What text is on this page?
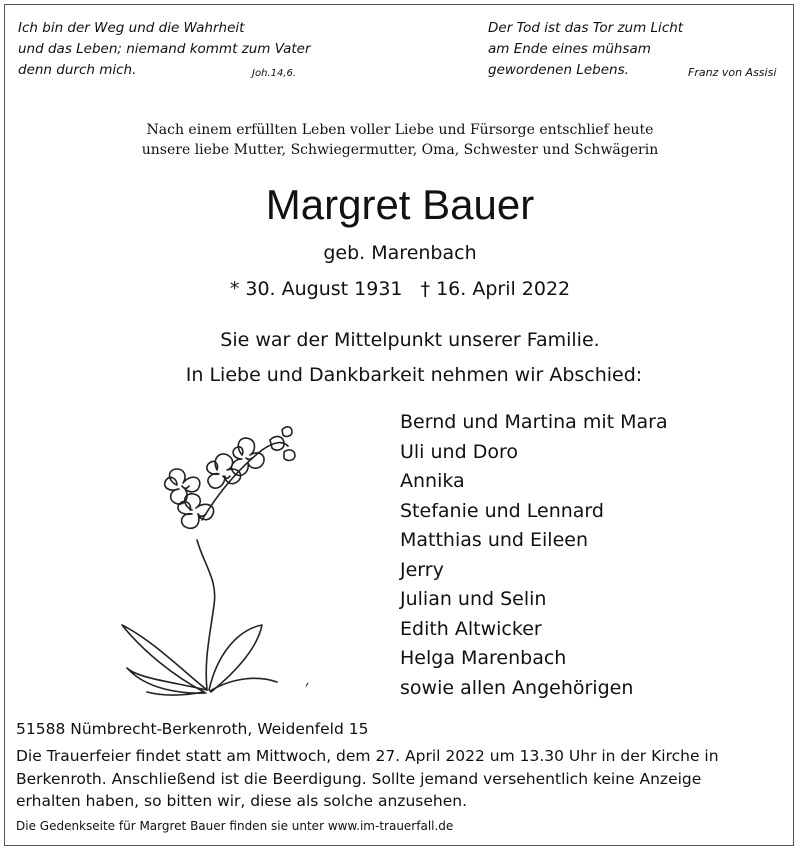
Ich bin der Weg und die Wahrheit
und das Leben; niemand kommt zum Vater
denn durch mich.	Joh.14,6.
Der Tod ist das Tor zum Licht
am Ende eines mühsam
gewordenen Lebens.	Franz von Assisi
Nach einem erfüllten Leben voller Liebe und Fürsorge entschlief heute
unsere liebe Mutter, Schwiegermutter, Oma, Schwester und Schwägerin
Margret Bauer
geb. Marenbach
* 30. August 1931 † 16. April 2022
Sie war der Mittelpunkt unserer Familie.
In Liebe und Dankbarkeit nehmen wir Abschied:
Bernd und Martina mit Mara
Uli und Doro
Annika
Stefanie und Lennard
Matthias und Eileen
Jerry
Julian und Selin
Edith Altwicker
Helga Marenbach
sowie allen Angehörigen
51588 Nümbrecht-Berkenroth, Weidenfeld 15
Die Trauerfeier findet statt am Mittwoch, dem 27. April 2022 um 13.30 Uhr in der Kirche in
Berkenroth. Anschließend ist die Beerdigung. Sollte jemand versehentlich keine Anzeige
erhalten haben, so bitten wir, diese als solche anzusehen.
Die Gedenkseite für Margret Bauer finden sie unter www.im-trauerfall.de
